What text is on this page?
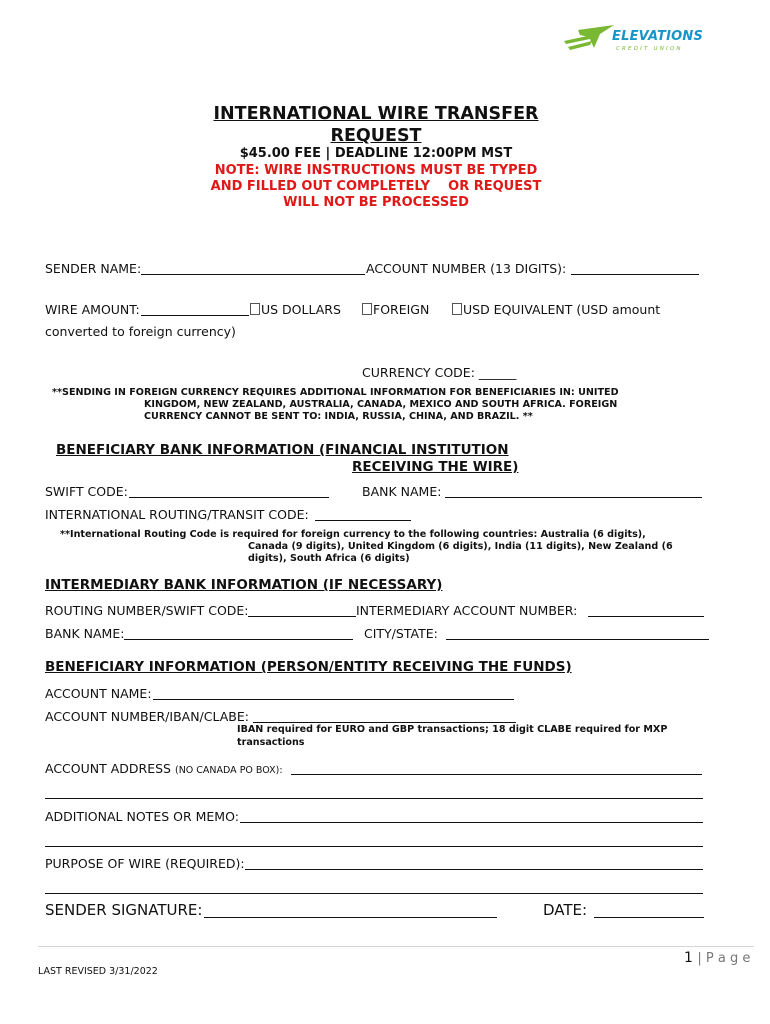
ELEVATIONS
CREDIT UNION
INTERNATIONAL WIRE TRANSFER
REQUEST
$45.00 FEE | DEADLINE 12:00PM MST
NOTE: WIRE INSTRUCTIONS MUST BE TYPED
AND FILLED OUT COMPLETELY    OR REQUEST
WILL NOT BE PROCESSED
SENDER NAME:	ACCOUNT NUMBER (13 DIGITS):
WIRE AMOUNT:	US DOLLARS	FOREIGN	USD EQUIVALENT (USD amount
converted to foreign currency)
CURRENCY CODE: ______
**SENDING IN FOREIGN CURRENCY REQUIRES ADDITIONAL INFORMATION FOR BENEFICIARIES IN: UNITED
KINGDOM, NEW ZEALAND, AUSTRALIA, CANADA, MEXICO AND SOUTH AFRICA. FOREIGN
CURRENCY CANNOT BE SENT TO: INDIA, RUSSIA, CHINA, AND BRAZIL. **
BENEFICIARY BANK INFORMATION (FINANCIAL INSTITUTION
RECEIVING THE WIRE)
SWIFT CODE:	BANK NAME:
INTERNATIONAL ROUTING/TRANSIT CODE:
**International Routing Code is required for foreign currency to the following countries: Australia (6 digits),
Canada (9 digits), United Kingdom (6 digits), India (11 digits), New Zealand (6
digits), South Africa (6 digits)
INTERMEDIARY BANK INFORMATION (IF NECESSARY)
ROUTING NUMBER/SWIFT CODE:	INTERMEDIARY ACCOUNT NUMBER:
BANK NAME:	CITY/STATE:
BENEFICIARY INFORMATION (PERSON/ENTITY RECEIVING THE FUNDS)
ACCOUNT NAME:
ACCOUNT NUMBER/IBAN/CLABE:
IBAN required for EURO and GBP transactions; 18 digit CLABE required for MXP
transactions
ACCOUNT ADDRESS (NO CANADA PO BOX):
ADDITIONAL NOTES OR MEMO:
PURPOSE OF WIRE (REQUIRED):
SENDER SIGNATURE:	DATE:
1 | P a g e
LAST REVISED 3/31/2022
